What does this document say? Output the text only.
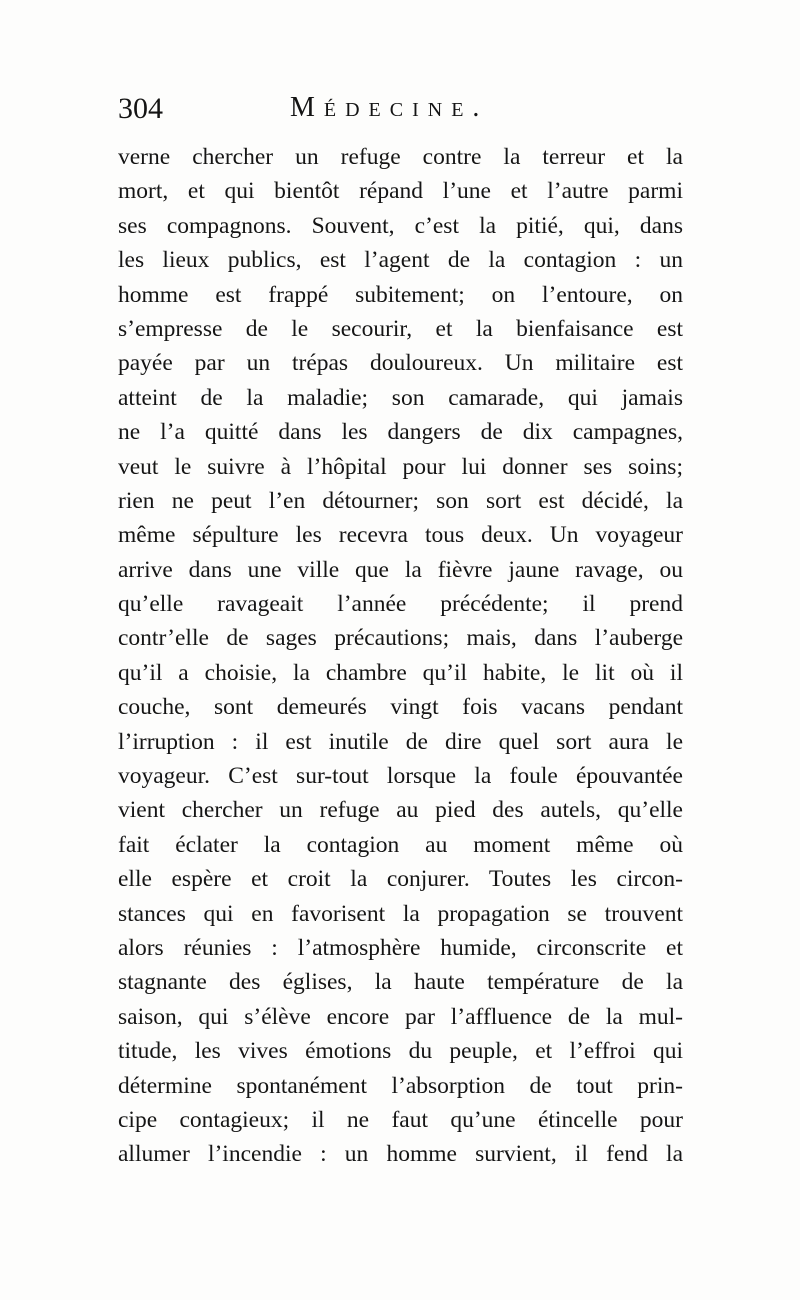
304	Médecine.
verne chercher un refuge contre la terreur et la
mort, et qui bientôt répand l’une et l’autre parmi
ses compagnons. Souvent, c’est la pitié, qui, dans
les lieux publics, est l’agent de la contagion : un
homme est frappé subitement; on l’entoure, on
s’empresse de le secourir, et la bienfaisance est
payée par un trépas douloureux. Un militaire est
atteint de la maladie; son camarade, qui jamais
ne l’a quitté dans les dangers de dix campagnes,
veut le suivre à l’hôpital pour lui donner ses soins;
rien ne peut l’en détourner; son sort est décidé, la
même sépulture les recevra tous deux. Un voyageur
arrive dans une ville que la fièvre jaune ravage, ou
qu’elle ravageait l’année précédente; il prend
contr’elle de sages précautions; mais, dans l’auberge
qu’il a choisie, la chambre qu’il habite, le lit où il
couche, sont demeurés vingt fois vacans pendant
l’irruption : il est inutile de dire quel sort aura le
voyageur. C’est sur-tout lorsque la foule épouvantée
vient chercher un refuge au pied des autels, qu’elle
fait éclater la contagion au moment même où
elle espère et croit la conjurer. Toutes les circon-
stances qui en favorisent la propagation se trouvent
alors réunies : l’atmosphère humide, circonscrite et
stagnante des églises, la haute température de la
saison, qui s’élève encore par l’affluence de la mul-
titude, les vives émotions du peuple, et l’effroi qui
détermine spontanément l’absorption de tout prin-
cipe contagieux; il ne faut qu’une étincelle pour
allumer l’incendie : un homme survient, il fend la
